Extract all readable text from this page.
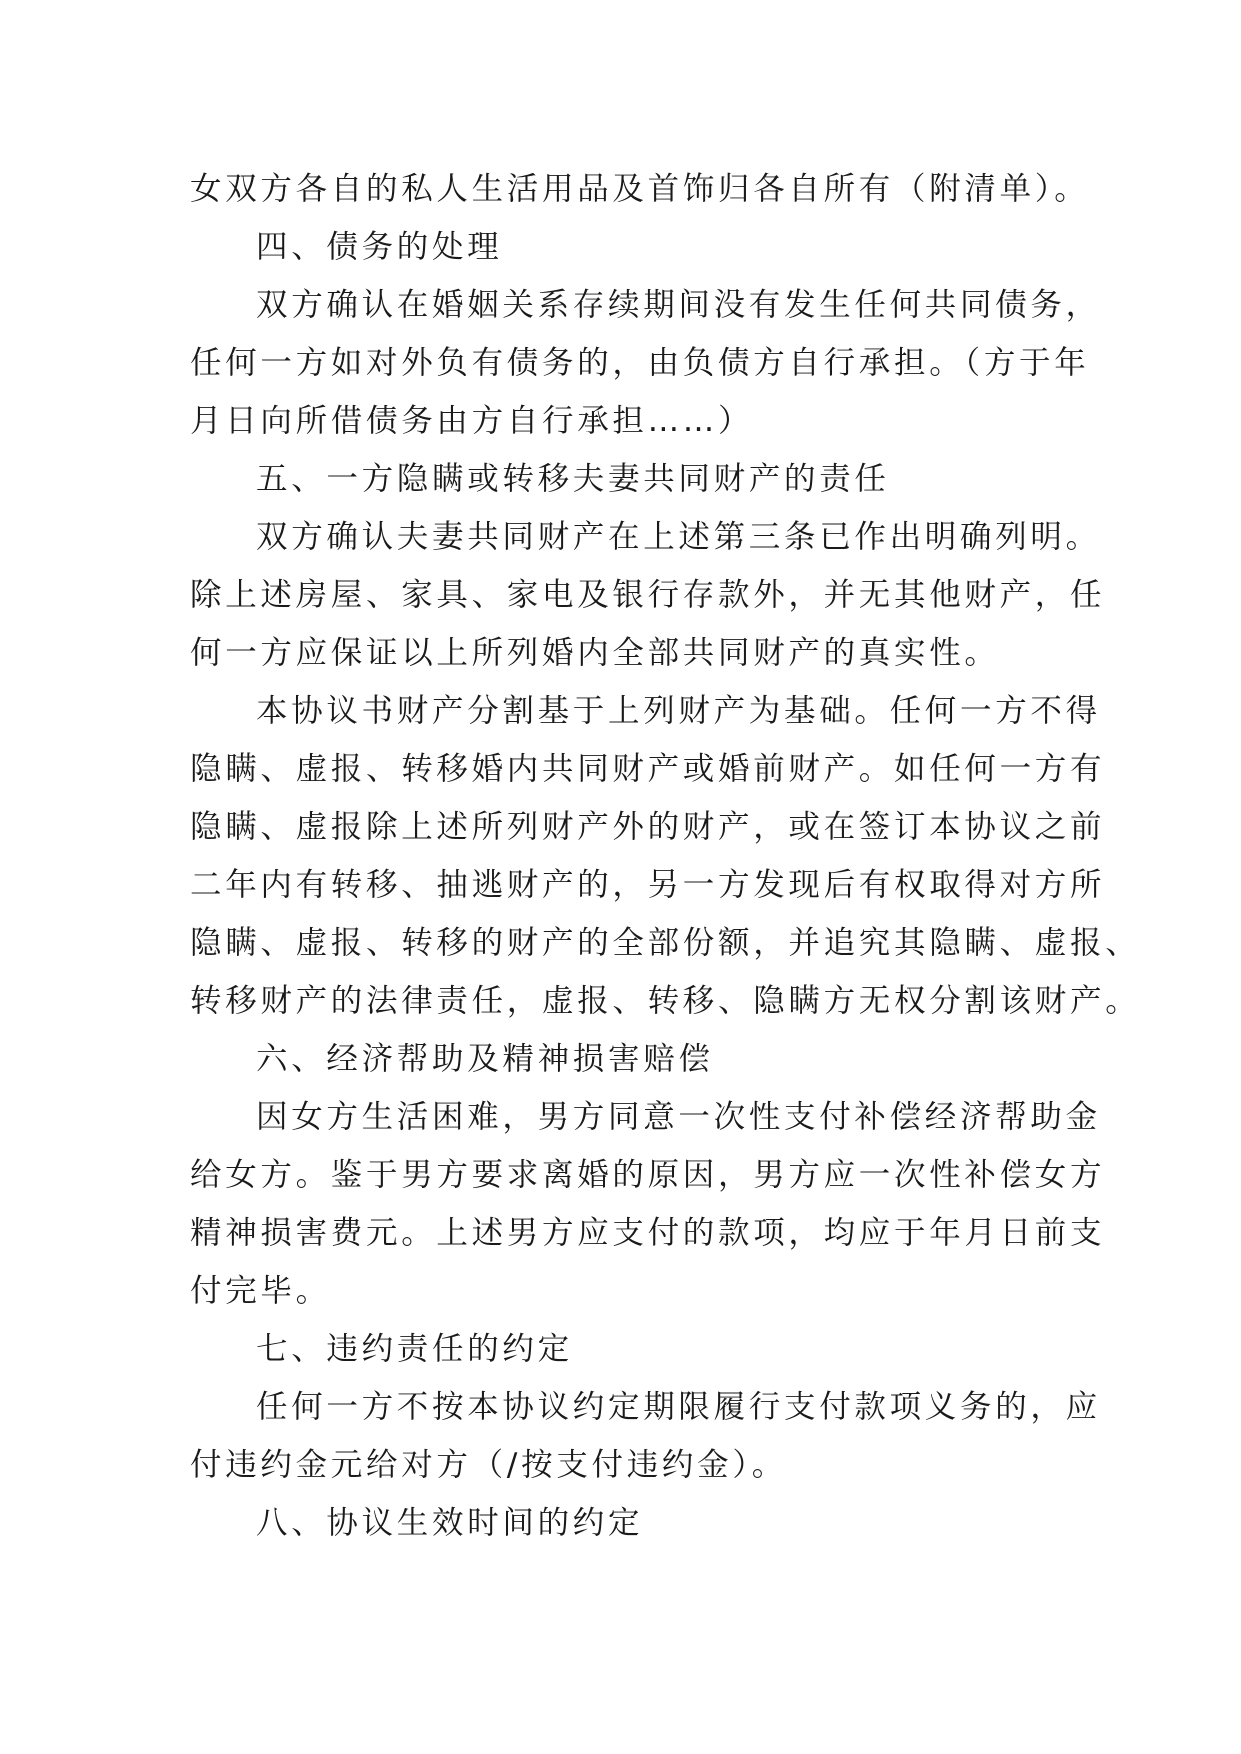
女双方各自的私人生活用品及首饰归各自所有（附清单）。
四、债务的处理
双方确认在婚姻关系存续期间没有发生任何共同债务，
任何一方如对外负有债务的，由负债方自行承担。（方于年
月日向所借债务由方自行承担……）
五、一方隐瞒或转移夫妻共同财产的责任
双方确认夫妻共同财产在上述第三条已作出明确列明。
除上述房屋、家具、家电及银行存款外，并无其他财产，任
何一方应保证以上所列婚内全部共同财产的真实性。
本协议书财产分割基于上列财产为基础。任何一方不得
隐瞒、虚报、转移婚内共同财产或婚前财产。如任何一方有
隐瞒、虚报除上述所列财产外的财产，或在签订本协议之前
二年内有转移、抽逃财产的，另一方发现后有权取得对方所
隐瞒、虚报、转移的财产的全部份额，并追究其隐瞒、虚报、
转移财产的法律责任，虚报、转移、隐瞒方无权分割该财产。
六、经济帮助及精神损害赔偿
因女方生活困难，男方同意一次性支付补偿经济帮助金
给女方。鉴于男方要求离婚的原因，男方应一次性补偿女方
精神损害费元。上述男方应支付的款项，均应于年月日前支
付完毕。
七、违约责任的约定
任何一方不按本协议约定期限履行支付款项义务的，应
付违约金元给对方（/按支付违约金）。
八、协议生效时间的约定
